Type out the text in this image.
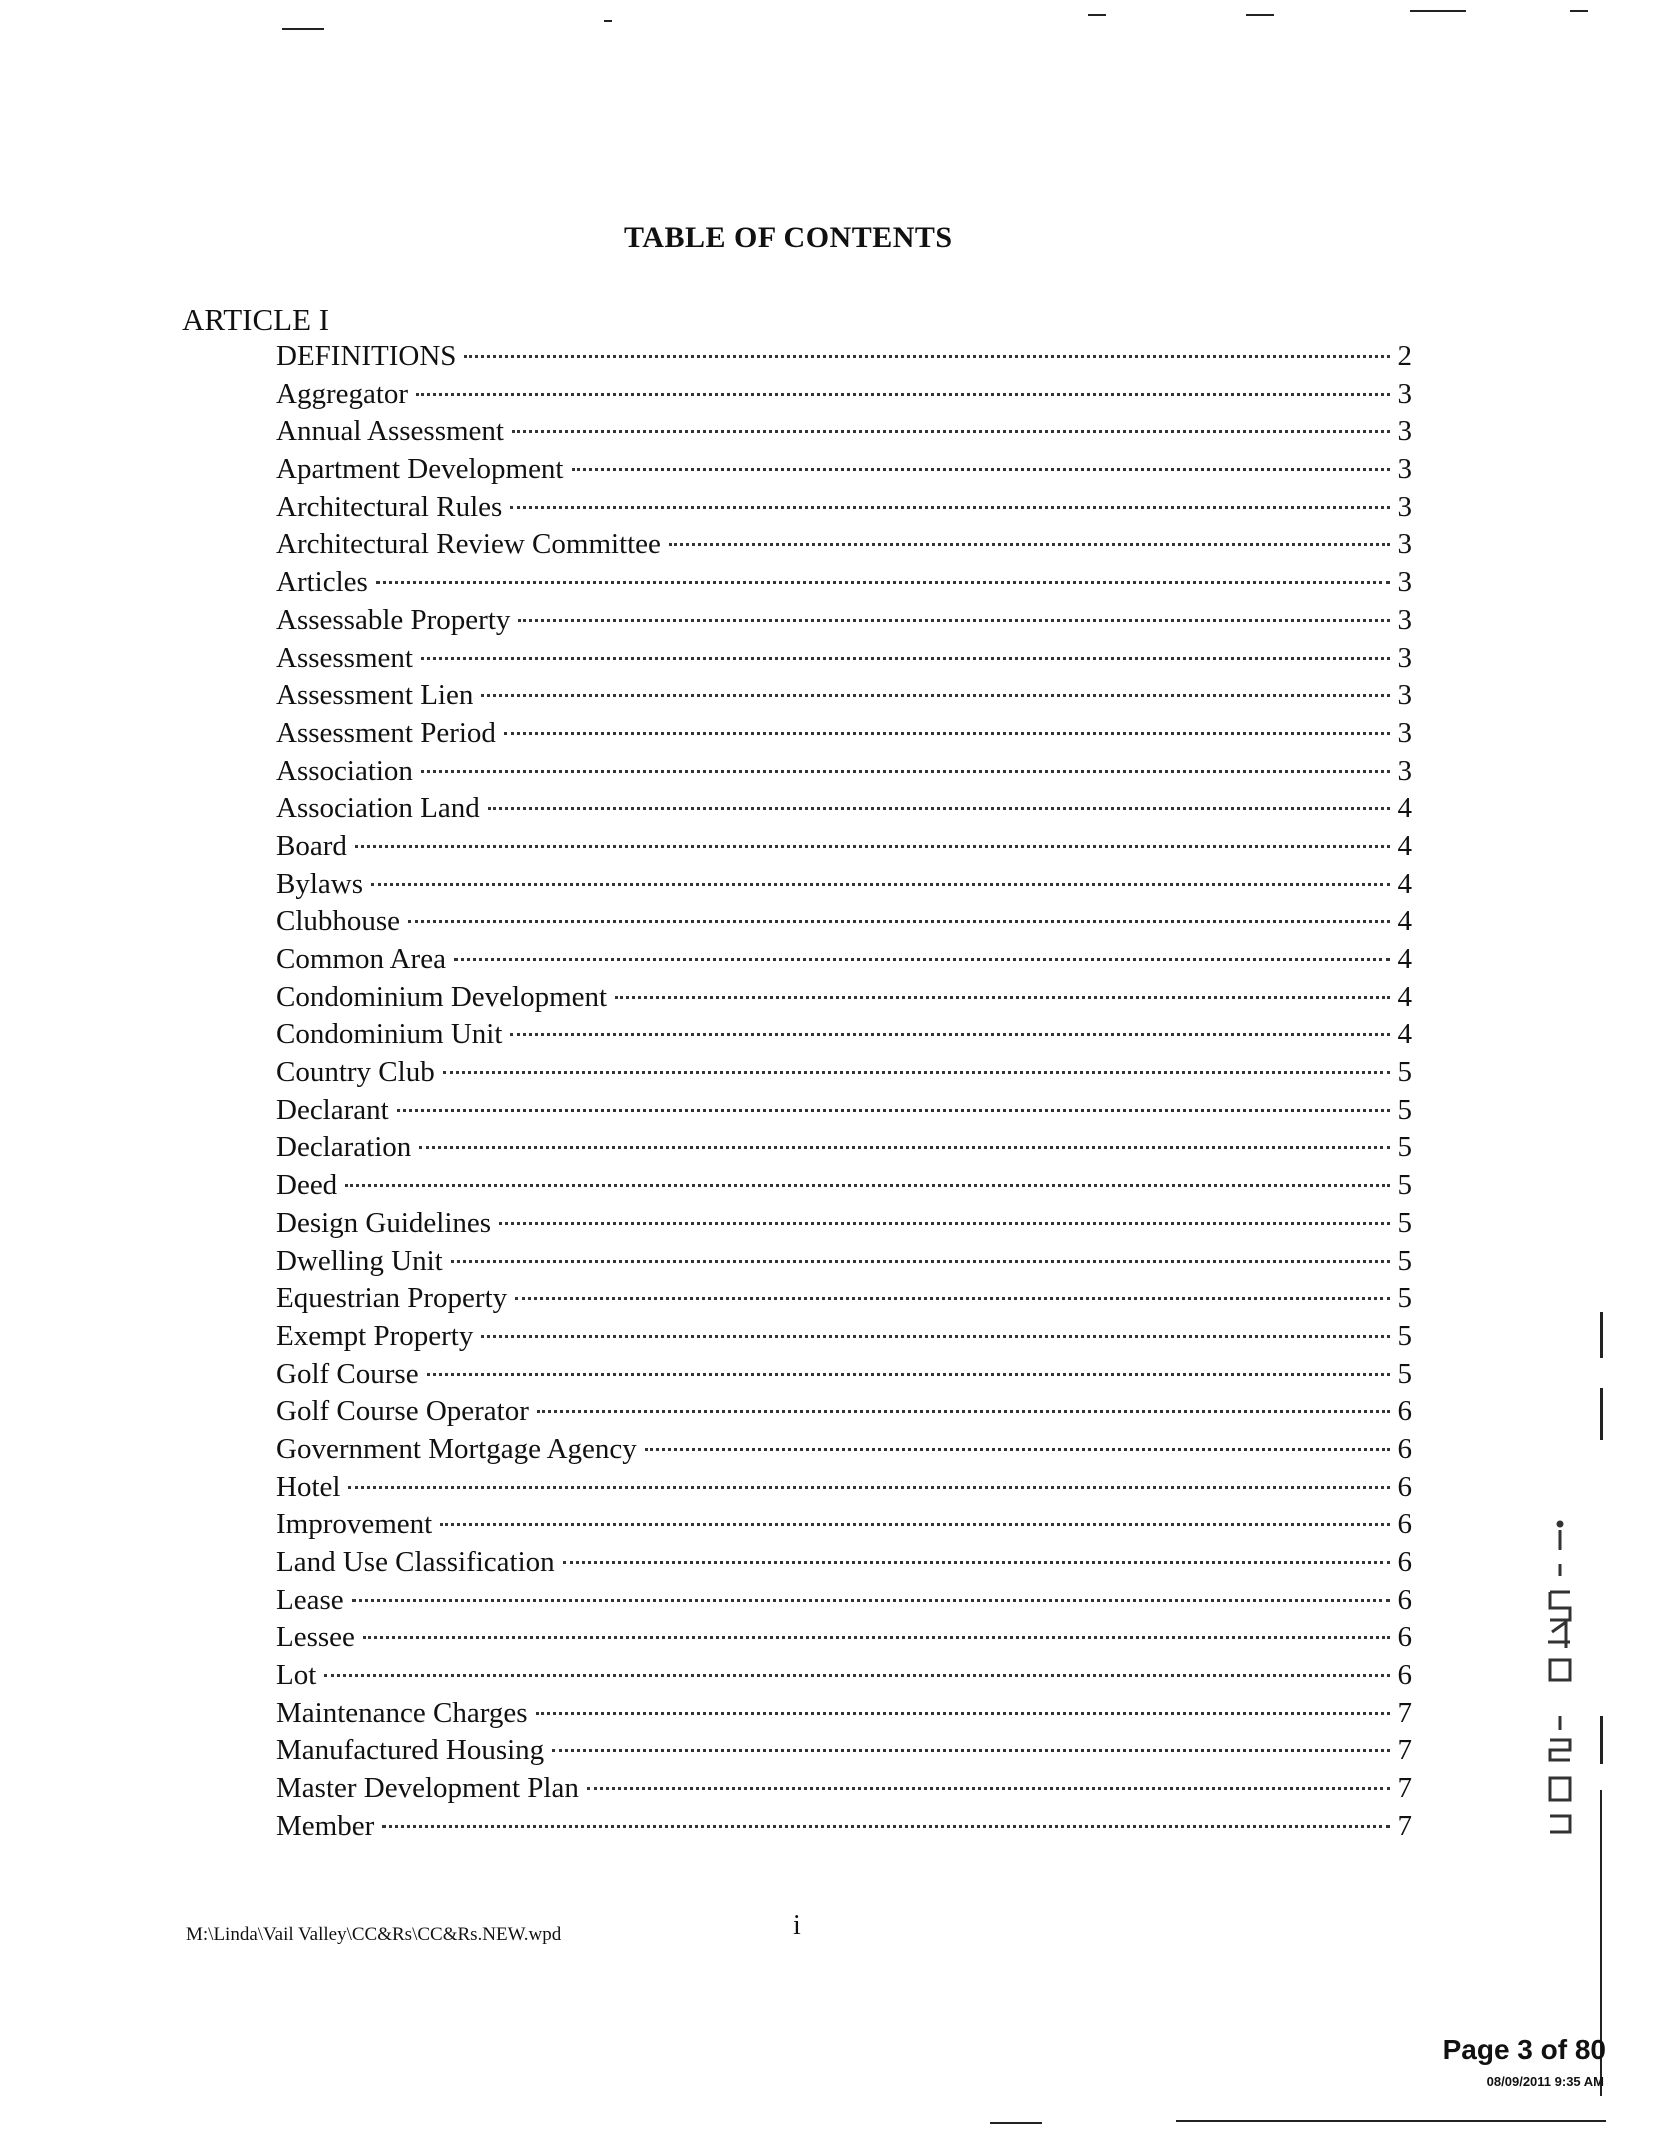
TABLE OF CONTENTS
ARTICLE I
DEFINITIONS	2
Aggregator	3
Annual Assessment	3
Apartment Development	3
Architectural Rules	3
Architectural Review Committee	3
Articles	3
Assessable Property	3
Assessment	3
Assessment Lien	3
Assessment Period	3
Association	3
Association Land	4
Board	4
Bylaws	4
Clubhouse	4
Common Area	4
Condominium Development	4
Condominium Unit	4
Country Club	5
Declarant	5
Declaration	5
Deed	5
Design Guidelines	5
Dwelling Unit	5
Equestrian Property	5
Exempt Property	5
Golf Course	5
Golf Course Operator	6
Government Mortgage Agency	6
Hotel	6
Improvement	6
Land Use Classification	6
Lease	6
Lessee	6
Lot	6
Maintenance Charges	7
Manufactured Housing	7
Master Development Plan	7
Member	7
M:\Linda\Vail Valley\CC&Rs\CC&Rs.NEW.wpd	i
Page 3 of 80
08/09/2011 9:35 AM
